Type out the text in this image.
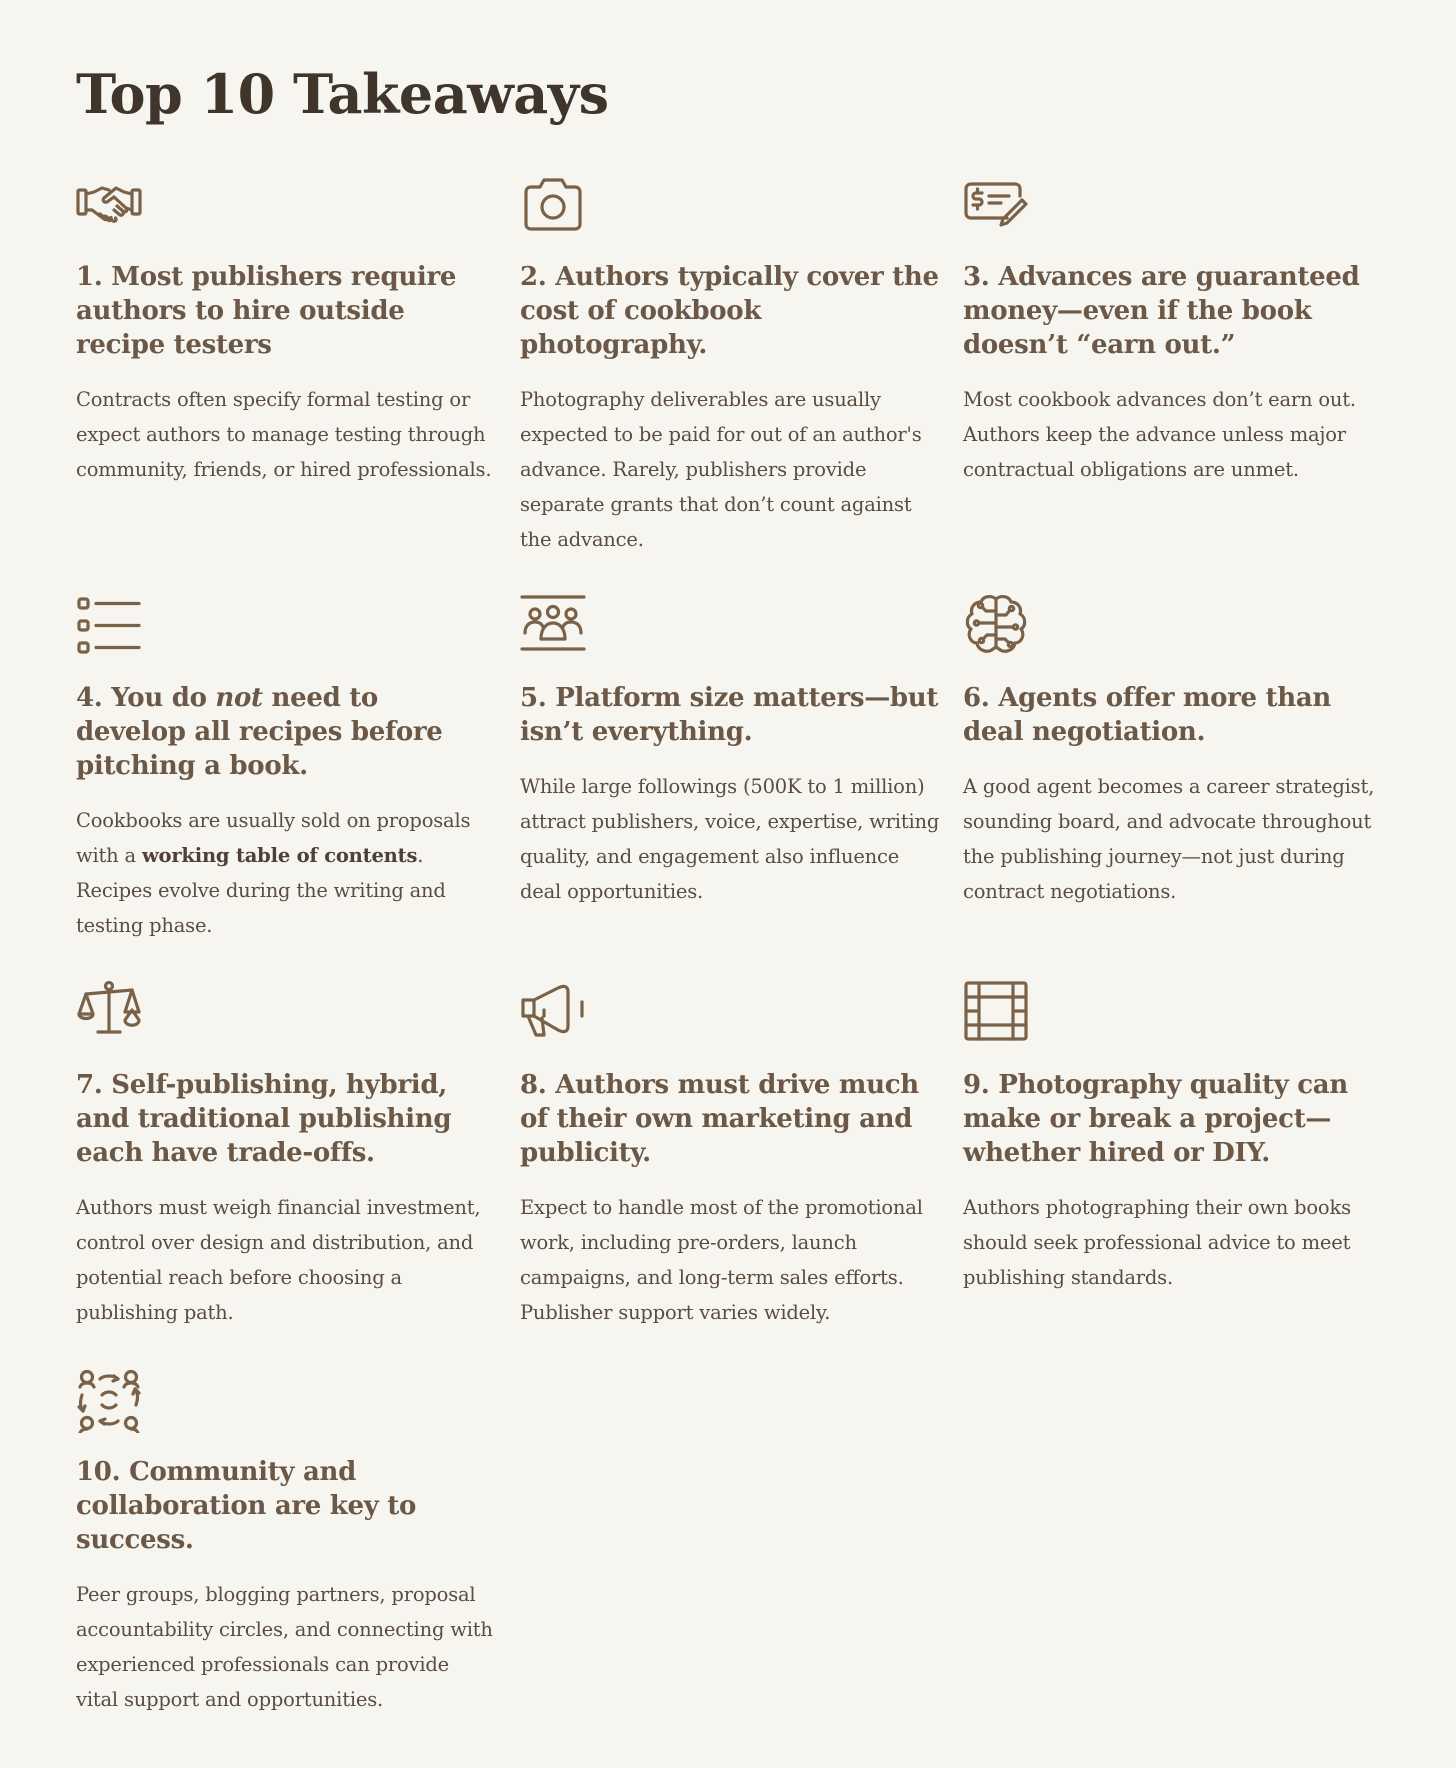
Top 10 Takeaways
1. Most publishers require authors to hire outside recipe testers

Contracts often specify formal testing or expect authors to manage testing through community, friends, or hired professionals.

2. Authors typically cover the cost of cookbook photography.

Photography deliverables are usually expected to be paid for out of an author's advance. Rarely, publishers provide separate grants that don’t count against the advance.

3. Advances are guaranteed money—even if the book doesn’t “earn out.”

Most cookbook advances don’t earn out. Authors keep the advance unless major contractual obligations are unmet.

4. You do not need to develop all recipes before pitching a book.

Cookbooks are usually sold on proposals with a working table of contents. Recipes evolve during the writing and testing phase.

5. Platform size matters—but isn’t everything.

While large followings (500K to 1 million) attract publishers, voice, expertise, writing quality, and engagement also influence deal opportunities.

6. Agents offer more than deal negotiation.

A good agent becomes a career strategist, sounding board, and advocate throughout the publishing journey—not just during contract negotiations.

7. Self-publishing, hybrid, and traditional publishing each have trade-offs.

Authors must weigh financial investment, control over design and distribution, and potential reach before choosing a publishing path.

8. Authors must drive much of their own marketing and publicity.

Expect to handle most of the promotional work, including pre-orders, launch campaigns, and long-term sales efforts. Publisher support varies widely.

9. Photography quality can make or break a project—whether hired or DIY.

Authors photographing their own books should seek professional advice to meet publishing standards.

10. Community and collaboration are key to success.

Peer groups, blogging partners, proposal accountability circles, and connecting with experienced professionals can provide vital support and opportunities.
